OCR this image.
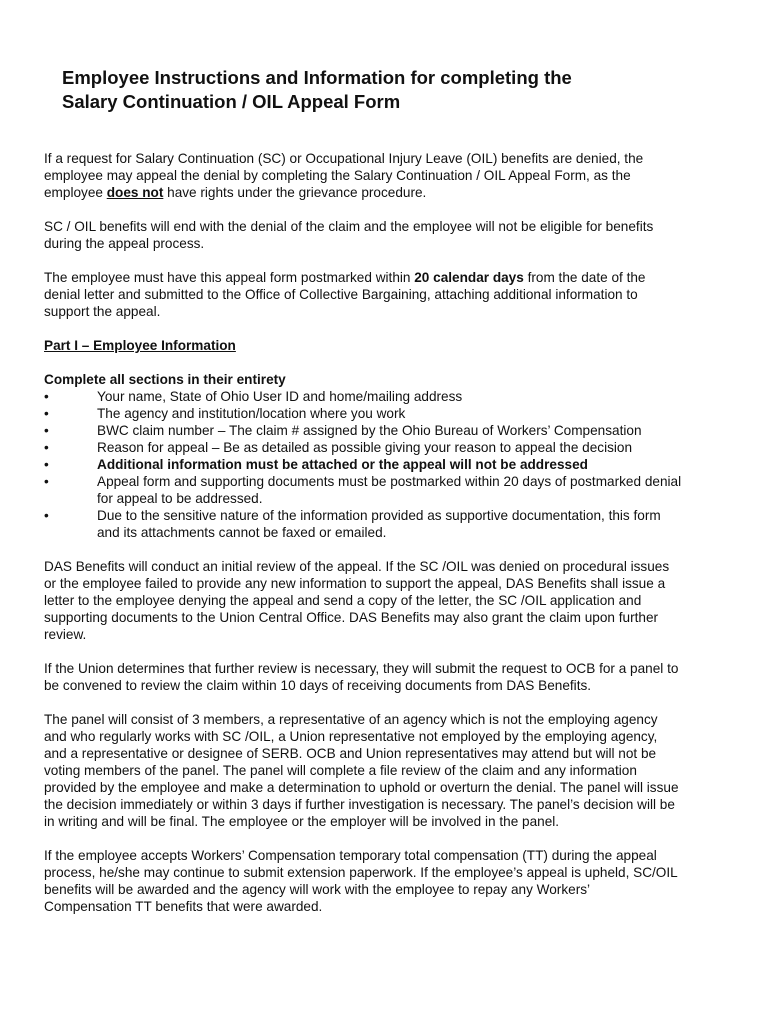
Employee Instructions and Information for completing the
Salary Continuation / OIL Appeal Form

If a request for Salary Continuation (SC) or Occupational Injury Leave (OIL) benefits are denied, the
employee may appeal the denial by completing the Salary Continuation / OIL Appeal Form, as the
employee does not have rights under the grievance procedure.

SC / OIL benefits will end with the denial of the claim and the employee will not be eligible for benefits
during the appeal process.

The employee must have this appeal form postmarked within 20 calendar days from the date of the
denial letter and submitted to the Office of Collective Bargaining, attaching additional information to
support the appeal.

Part I – Employee Information

Complete all sections in their entirety

•	Your name, State of Ohio User ID and home/mailing address
•	The agency and institution/location where you work
•	BWC claim number – The claim # assigned by the Ohio Bureau of Workers’ Compensation
•	Reason for appeal – Be as detailed as possible giving your reason to appeal the decision
•	Additional information must be attached or the appeal will not be addressed
•	Appeal form and supporting documents must be postmarked within 20 days of postmarked denial
for appeal to be addressed.
•	Due to the sensitive nature of the information provided as supportive documentation, this form
and its attachments cannot be faxed or emailed.

DAS Benefits will conduct an initial review of the appeal. If the SC /OIL was denied on procedural issues
or the employee failed to provide any new information to support the appeal, DAS Benefits shall issue a
letter to the employee denying the appeal and send a copy of the letter, the SC /OIL application and
supporting documents to the Union Central Office. DAS Benefits may also grant the claim upon further
review.

If the Union determines that further review is necessary, they will submit the request to OCB for a panel to
be convened to review the claim within 10 days of receiving documents from DAS Benefits.

The panel will consist of 3 members, a representative of an agency which is not the employing agency
and who regularly works with SC /OIL, a Union representative not employed by the employing agency,
and a representative or designee of SERB. OCB and Union representatives may attend but will not be
voting members of the panel. The panel will complete a file review of the claim and any information
provided by the employee and make a determination to uphold or overturn the denial. The panel will issue
the decision immediately or within 3 days if further investigation is necessary. The panel’s decision will be
in writing and will be final. The employee or the employer will be involved in the panel.

If the employee accepts Workers’ Compensation temporary total compensation (TT) during the appeal
process, he/she may continue to submit extension paperwork. If the employee’s appeal is upheld, SC/OIL
benefits will be awarded and the agency will work with the employee to repay any Workers’
Compensation TT benefits that were awarded.
